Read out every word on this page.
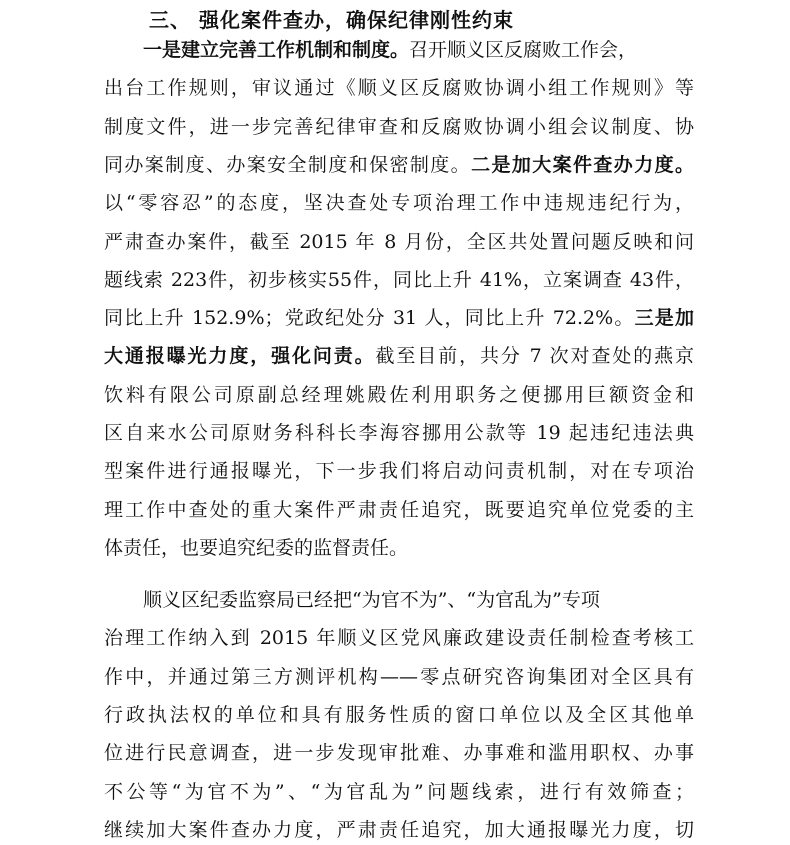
三、 强化案件查办，确保纪律刚性约束
一是建立完善工作机制和制度。召开顺义区反腐败工作会，
出台工作规则，审议通过《顺义区反腐败协调小组工作规则》等
制度文件，进一步完善纪律审查和反腐败协调小组会议制度、协
同办案制度、办案安全制度和保密制度。二是加大案件查办力度。
以“零容忍”的态度，坚决查处专项治理工作中违规违纪行为，
严肃查办案件，截至 2015 年 8 月份，全区共处置问题反映和问
题线索 223件，初步核实55件，同比上升 41%，立案调查 43件，
同比上升 152.9%；党政纪处分 31 人，同比上升 72.2%。三是加
大通报曝光力度，强化问责。截至目前，共分 7 次对查处的燕京
饮料有限公司原副总经理姚殿佐利用职务之便挪用巨额资金和
区自来水公司原财务科科长李海容挪用公款等 19 起违纪违法典
型案件进行通报曝光，下一步我们将启动问责机制，对在专项治
理工作中查处的重大案件严肃责任追究，既要追究单位党委的主
体责任，也要追究纪委的监督责任。
顺义区纪委监察局已经把“为官不为”、“为官乱为”专项
治理工作纳入到 2015 年顺义区党风廉政建设责任制检查考核工
作中，并通过第三方测评机构——零点研究咨询集团对全区具有
行政执法权的单位和具有服务性质的窗口单位以及全区其他单
位进行民意调查，进一步发现审批难、办事难和滥用职权、办事
不公等“为官不为”、“为官乱为”问题线索，进行有效筛查；
继续加大案件查办力度，严肃责任追究，加大通报曝光力度，切
